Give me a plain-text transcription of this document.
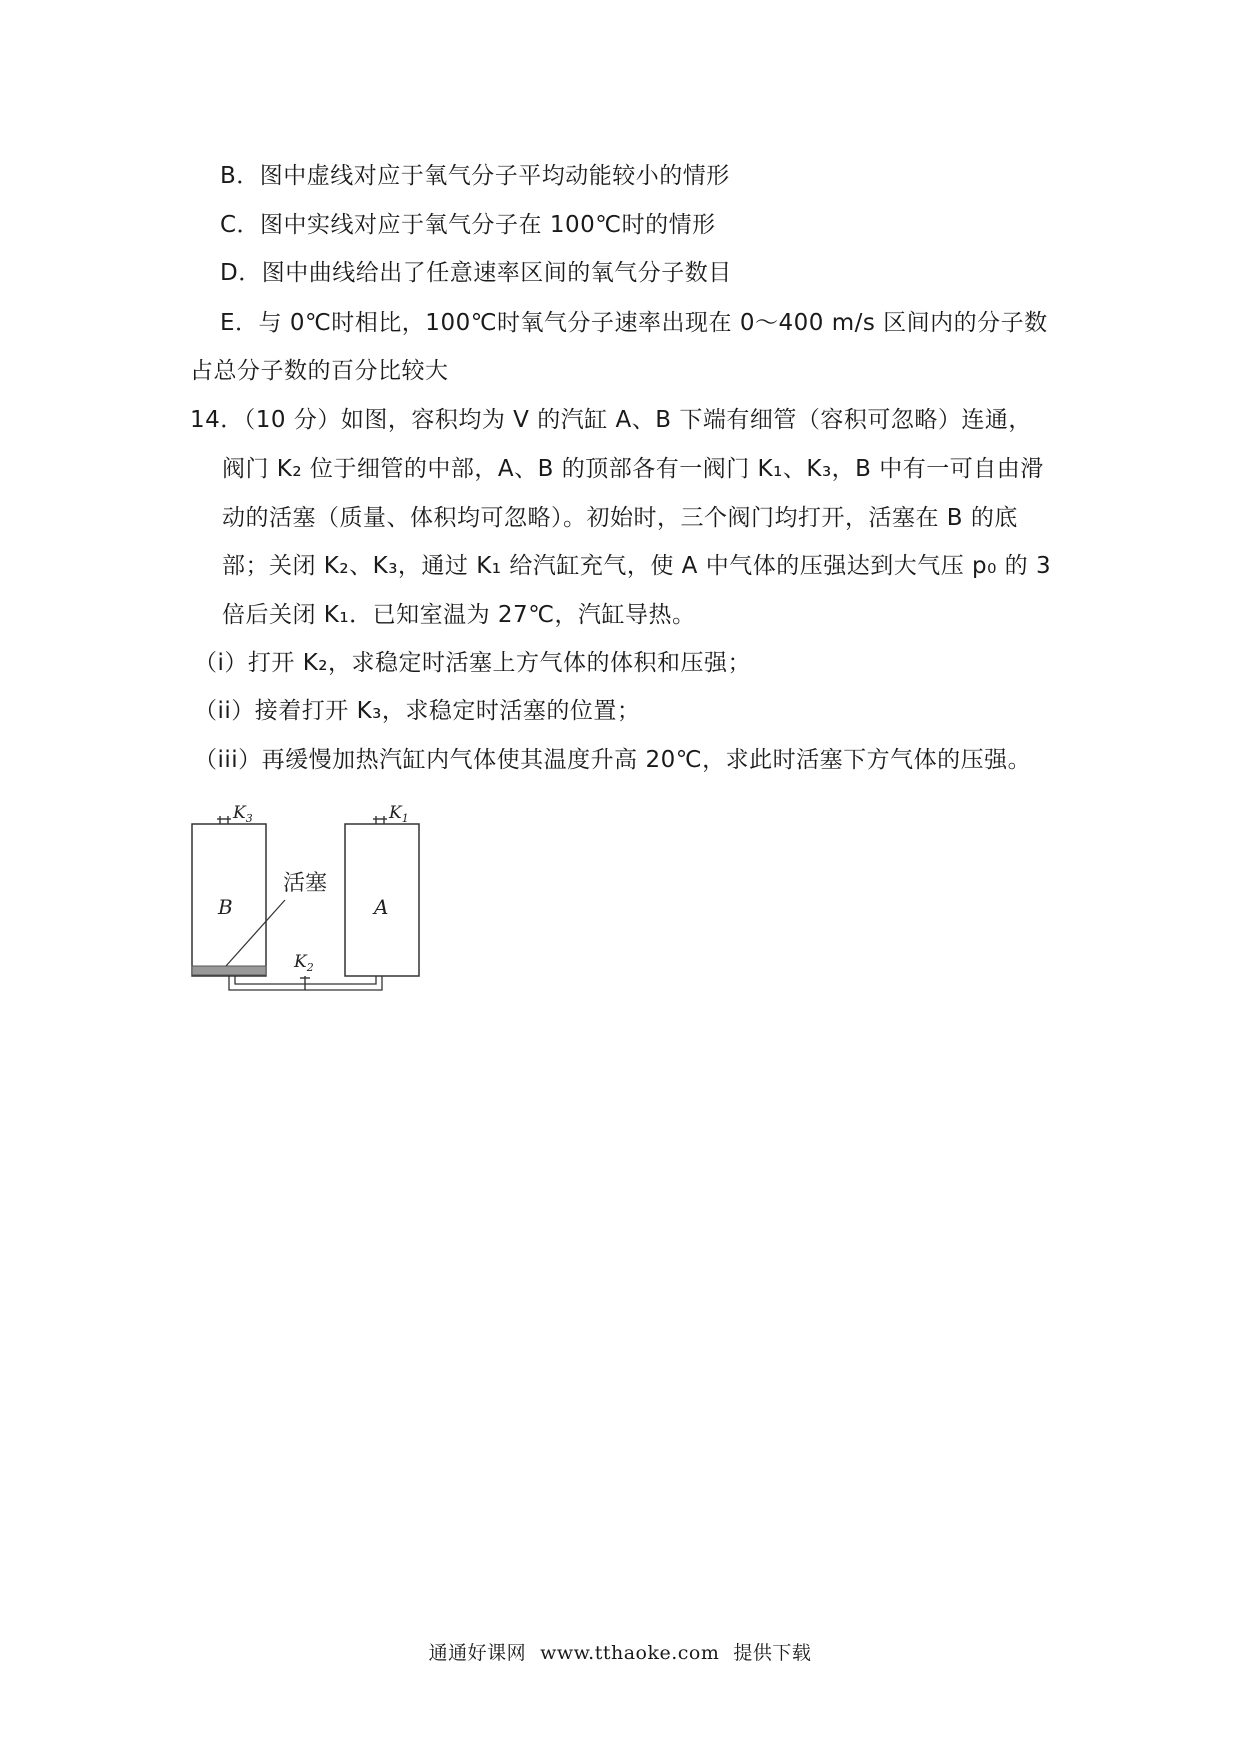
B．图中虚线对应于氧气分子平均动能较小的情形
C．图中实线对应于氧气分子在 100℃时的情形
D．图中曲线给出了任意速率区间的氧气分子数目
E．与 0℃时相比，100℃时氧气分子速率出现在 0～400 m/s 区间内的分子数
占总分子数的百分比较大
14．（10 分）如图，容积均为 V 的汽缸 A、B 下端有细管（容积可忽略）连通，
阀门 K₂ 位于细管的中部，A、B 的顶部各有一阀门 K₁、K₃，B 中有一可自由滑
动的活塞（质量、体积均可忽略）。初始时，三个阀门均打开，活塞在 B 的底
部；关闭 K₂、K₃，通过 K₁ 给汽缸充气，使 A 中气体的压强达到大气压 p₀ 的 3
倍后关闭 K₁．已知室温为 27℃，汽缸导热。
（i）打开 K₂，求稳定时活塞上方气体的体积和压强；
（ii）接着打开 K₃，求稳定时活塞的位置；
（iii）再缓慢加热汽缸内气体使其温度升高 20℃，求此时活塞下方气体的压强。
$K_3$	$K_1$
$K_2$
B	A
活塞
通通好课网 www.tthaoke.com 提供下载
